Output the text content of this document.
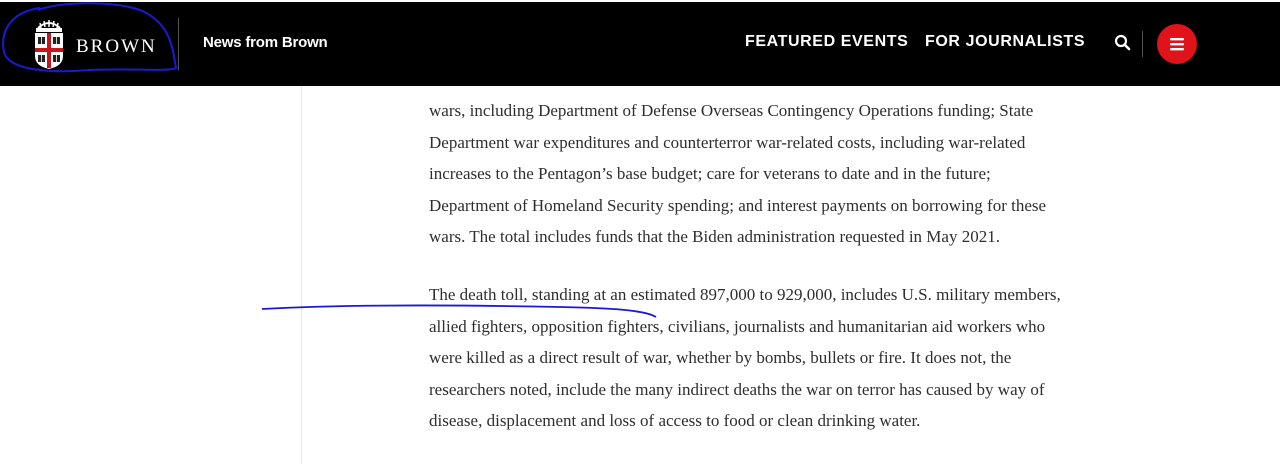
BROWN	News from Brown	FEATURED EVENTS FOR JOURNALISTS

wars, including Department of Defense Overseas Contingency Operations funding; State
Department war expenditures and counterterror war-related costs, including war-related
increases to the Pentagon’s base budget; care for veterans to date and in the future;
Department of Homeland Security spending; and interest payments on borrowing for these
wars. The total includes funds that the Biden administration requested in May 2021.

The death toll, standing at an estimated 897,000 to 929,000, includes U.S. military members,
allied fighters, opposition fighters, civilians, journalists and humanitarian aid workers who
were killed as a direct result of war, whether by bombs, bullets or fire. It does not, the
researchers noted, include the many indirect deaths the war on terror has caused by way of
disease, displacement and loss of access to food or clean drinking water.
